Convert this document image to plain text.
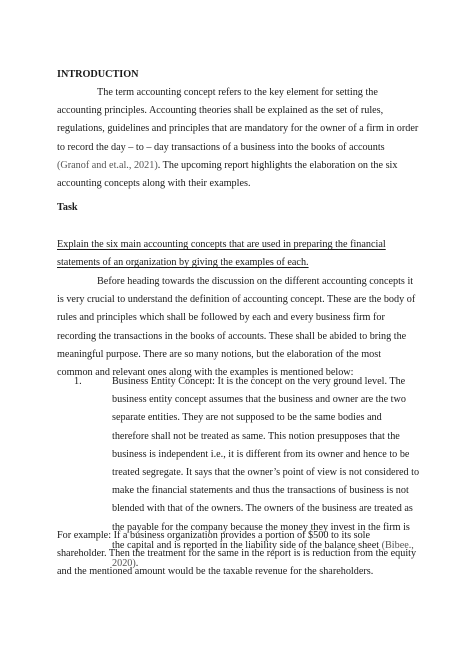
INTRODUCTION

The term accounting concept refers to the key element for setting the accounting principles. Accounting theories shall be explained as the set of rules, regulations, guidelines and principles that are mandatory for the owner of a firm in order to record the day – to – day transactions of a business into the books of accounts (Granof and et.al., 2021). The upcoming report highlights the elaboration on the six accounting concepts along with their examples.

Task

Explain the six main accounting concepts that are used in preparing the financial statements of an organization by giving the examples of each.

Before heading towards the discussion on the different accounting concepts it is very crucial to understand the definition of accounting concept. These are the body of rules and principles which shall be followed by each and every business firm for recording the transactions in the books of accounts. These shall be abided to bring the meaningful purpose. There are so many notions, but the elaboration of the most common and relevant ones along with the examples is mentioned below:

1.	Business Entity Concept: It is the concept on the very ground level. The business entity concept assumes that the business and owner are the two separate entities. They are not supposed to be the same bodies and therefore shall not be treated as same. This notion presupposes that the business is independent i.e., it is different from its owner and hence to be treated segregate. It says that the owner’s point of view is not considered to make the financial statements and thus the transactions of business is not blended with that of the owners. The owners of the business are treated as the payable for the company because the money they invest in the firm is the capital and is reported in the liability side of the balance sheet (Bibee., 2020).

For example: If a business organization provides a portion of $500 to its sole shareholder. Then the treatment for the same in the report is is reduction from the equity and the mentioned amount would be the taxable revenue for the shareholders.
